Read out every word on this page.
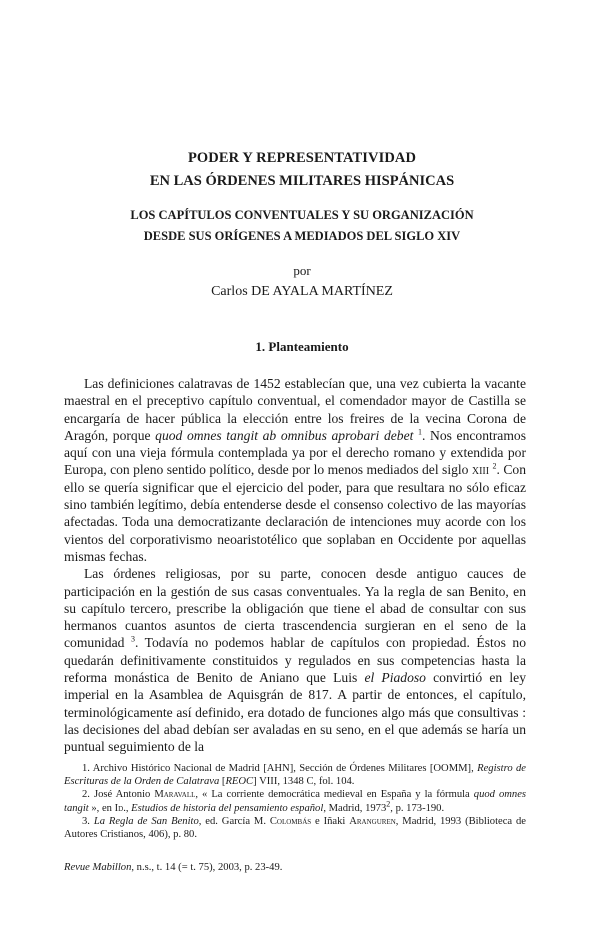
PODER Y REPRESENTATIVIDAD
EN LAS ÓRDENES MILITARES HISPÁNICAS
LOS CAPÍTULOS CONVENTUALES Y SU ORGANIZACIÓN
DESDE SUS ORÍGENES A MEDIADOS DEL SIGLO XIV
por
Carlos DE AYALA MARTÍNEZ
1. Planteamiento

Las definiciones calatravas de 1452 establecían que, una vez cubierta la vacante maestral en el preceptivo capítulo conventual, el comendador mayor de Castilla se encargaría de hacer pública la elección entre los freires de la vecina Corona de Aragón, porque quod omnes tangit ab omnibus aprobari debet $^1$. Nos encontramos aquí con una vieja fórmula contemplada ya por el derecho romano y extendida por Europa, con pleno sentido político, desde por lo menos mediados del siglo xiii $^2$. Con ello se quería significar que el ejercicio del poder, para que resultara no sólo eficaz sino también legítimo, debía entenderse desde el consenso colectivo de las mayorías afectadas. Toda una democratizante declaración de intenciones muy acorde con los vientos del corporativismo neoaristotélico que soplaban en Occidente por aquellas mismas fechas.

Las órdenes religiosas, por su parte, conocen desde antiguo cauces de participación en la gestión de sus casas conventuales. Ya la regla de san Benito, en su capítulo tercero, prescribe la obligación que tiene el abad de consultar con sus hermanos cuantos asuntos de cierta trascendencia surgieran en el seno de la comunidad $^3$. Todavía no podemos hablar de capítulos con propiedad. Éstos no quedarán definitivamente constituidos y regulados en sus competencias hasta la reforma monástica de Benito de Aniano que Luis el Piadoso convirtió en ley imperial en la Asamblea de Aquisgrán de 817. A partir de entonces, el capítulo, terminológicamente así definido, era dotado de funciones algo más que consultivas : las decisiones del abad debían ser avaladas en su seno, en el que además se haría un puntual seguimiento de la

1. Archivo Histórico Nacional de Madrid [AHN], Sección de Órdenes Militares [OOMM], Registro de Escrituras de la Orden de Calatrava [REOC] VIII, 1348 C, fol. 104.

2. José Antonio Maravall, « La corriente democrática medieval en España y la fórmula quod omnes tangit », en Id., Estudios de historia del pensamiento español, Madrid, 1973$^2$, p. 173-190.

3. La Regla de San Benito, ed. García M. Colombás e Iñaki Aranguren, Madrid, 1993 (Biblioteca de Autores Cristianos, 406), p. 80.

Revue Mabillon, n.s., t. 14 (= t. 75), 2003, p. 23-49.
